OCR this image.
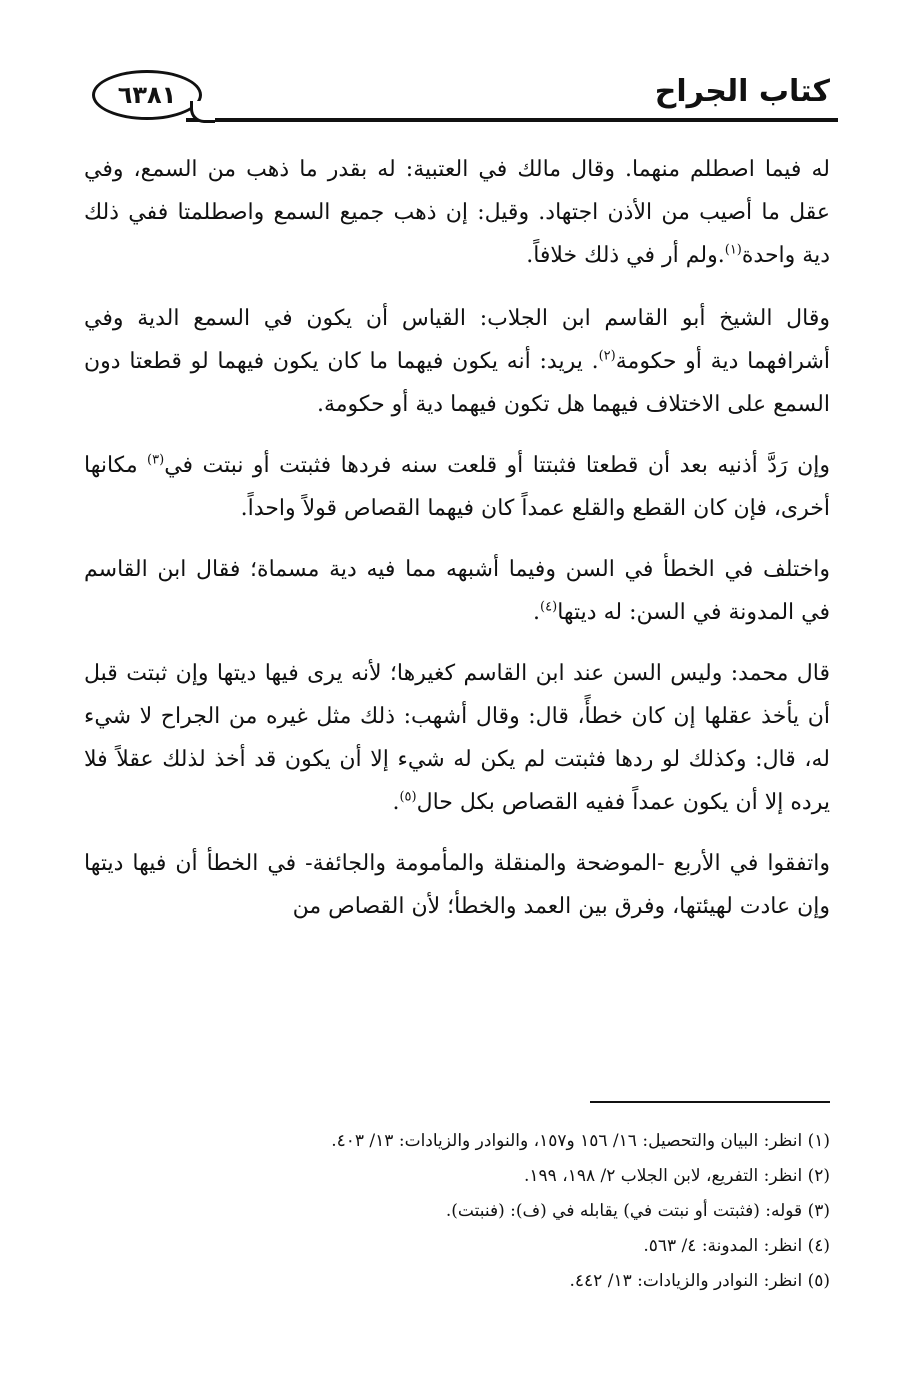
كتاب الجراح
٦٣٨١

له فيما اصطلم منهما. وقال مالك في العتبية: له بقدر ما ذهب من السمع، وفي عقل ما أصيب من الأذن اجتهاد. وقيل: إن ذهب جميع السمع واصطلمتا ففي ذلك دية واحدة$^{(١)}$.ولم أر في ذلك خلافاً.

وقال الشيخ أبو القاسم ابن الجلاب: القياس أن يكون في السمع الدية وفي أشرافهما دية أو حكومة$^{(٢)}$. يريد: أنه يكون فيهما ما كان يكون فيهما لو قطعتا دون السمع على الاختلاف فيهما هل تكون فيهما دية أو حكومة.

وإن رَدَّ أذنيه بعد أن قطعتا فثبتتا أو قلعت سنه فردها فثبتت أو نبتت في$^{(٣)}$ مكانها أخرى، فإن كان القطع والقلع عمداً كان فيهما القصاص قولاً واحداً.

واختلف في الخطأ في السن وفيما أشبهه مما فيه دية مسماة؛ فقال ابن القاسم في المدونة في السن: له ديتها$^{(٤)}$.

قال محمد: وليس السن عند ابن القاسم كغيرها؛ لأنه يرى فيها ديتها وإن ثبتت قبل أن يأخذ عقلها إن كان خطأً، قال: وقال أشهب: ذلك مثل غيره من الجراح لا شيء له، قال: وكذلك لو ردها فثبتت لم يكن له شيء إلا أن يكون قد أخذ لذلك عقلاً فلا يرده إلا أن يكون عمداً ففيه القصاص بكل حال$^{(٥)}$.

واتفقوا في الأربع -الموضحة والمنقلة والمأمومة والجائفة- في الخطأ أن فيها ديتها وإن عادت لهيئتها، وفرق بين العمد والخطأ؛ لأن القصاص من

(١) انظر: البيان والتحصيل: ١٦/ ١٥٦ و١٥٧، والنوادر والزيادات: ١٣/ ٤٠٣.
(٢) انظر: التفريع، لابن الجلاب ٢/ ١٩٨، ١٩٩.
(٣) قوله: (فثبتت أو نبتت في) يقابله في (ف): (فنبتت).
(٤) انظر: المدونة: ٤/ ٥٦٣.
(٥) انظر: النوادر والزيادات: ١٣/ ٤٤٢.
